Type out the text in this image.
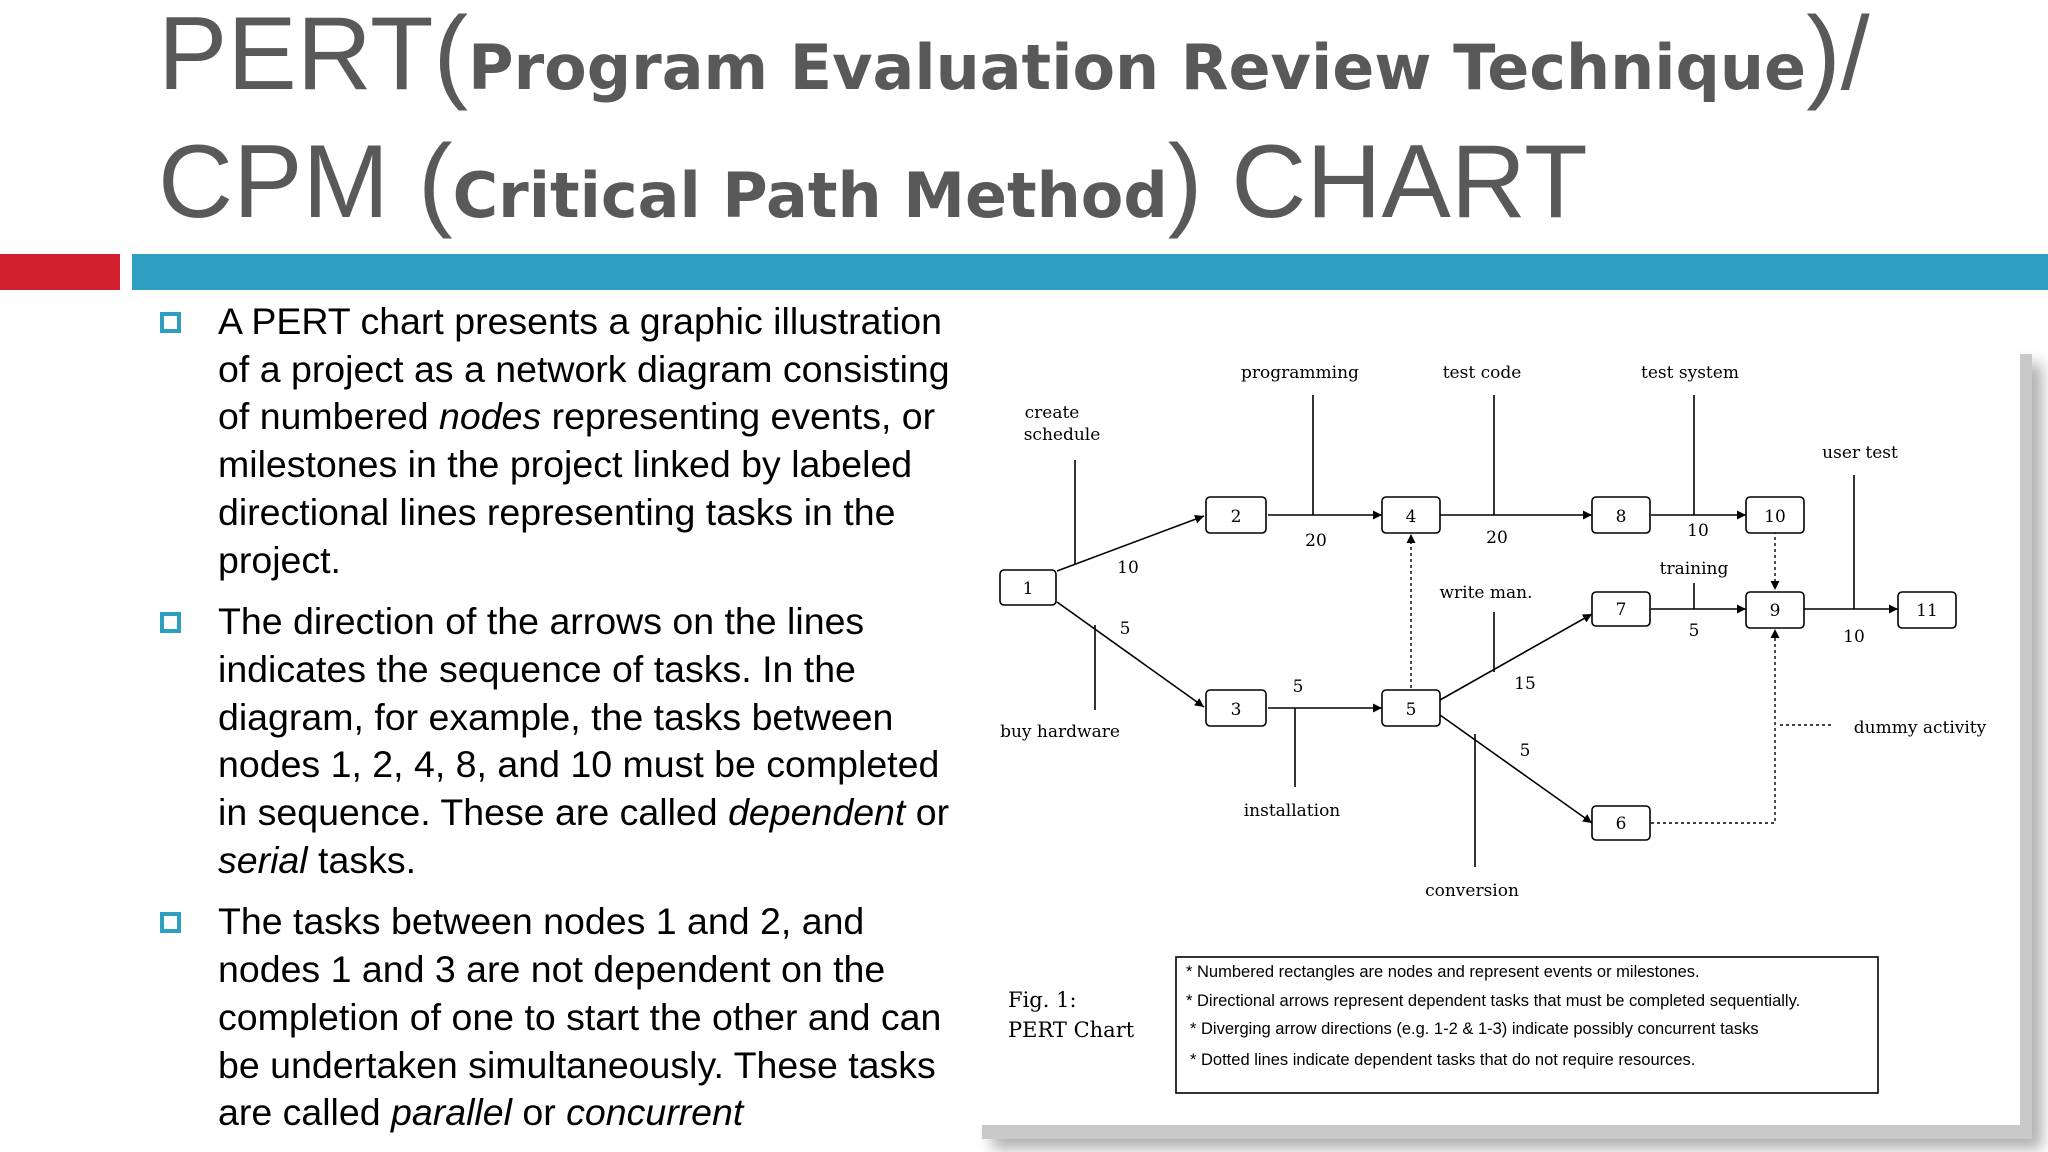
PERT(Program Evaluation Review Technique)/
CPM (Critical Path Method) CHART
A PERT chart presents a graphic illustration of a project as a network diagram consisting of numbered nodes representing events, or milestones in the project linked by labeled directional lines representing tasks in the project.
The direction of the arrows on the lines indicates the sequence of tasks. In the diagram, for example, the tasks between nodes 1, 2, 4, 8, and 10 must be completed in sequence. These are called dependent or serial tasks.
The tasks between nodes 1 and 2, and nodes 1 and 3 are not dependent on the completion of one to start the other and can be undertaken simultaneously. These tasks are called parallel or concurrent
1
2
3
4
5
6
7
8
9
10
11
10
5
20
5
20	10
15
5
5	10
create
schedule
buy hardware
programming
installation
test code
write man.
conversion
test system
training
user test
dummy activity
Fig. 1:
PERT Chart
* Numbered rectangles are nodes and represent events or milestones.
* Directional arrows represent dependent tasks that must be completed sequentially.
* Diverging arrow directions (e.g. 1-2 & 1-3) indicate possibly concurrent tasks
* Dotted lines indicate dependent tasks that do not require resources.
